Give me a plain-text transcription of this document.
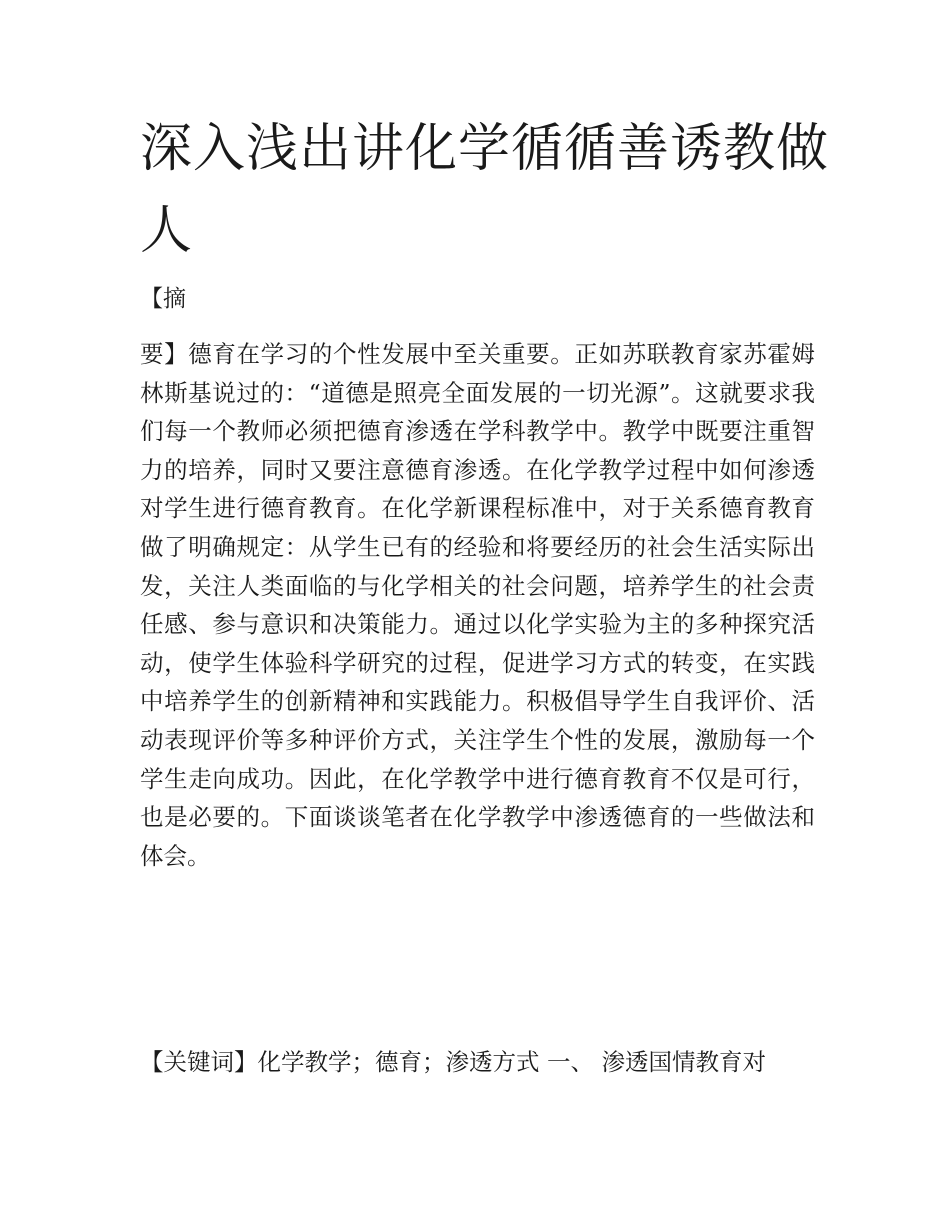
深入浅出讲化学循循善诱教做人
【摘

要】德育在学习的个性发展中至关重要。正如苏联教育家苏霍姆林斯基说过的：“道德是照亮全面发展的一切光源”。这就要求我们每一个教师必须把德育渗透在学科教学中。教学中既要注重智力的培养，同时又要注意德育渗透。在化学教学过程中如何渗透对学生进行德育教育。在化学新课程标准中，对于关系德育教育做了明确规定：从学生已有的经验和将要经历的社会生活实际出发，关注人类面临的与化学相关的社会问题，培养学生的社会责任感、参与意识和决策能力。通过以化学实验为主的多种探究活动，使学生体验科学研究的过程，促进学习方式的转变，在实践中培养学生的创新精神和实践能力。积极倡导学生自我评价、活动表现评价等多种评价方式，关注学生个性的发展，激励每一个学生走向成功。因此，在化学教学中进行德育教育不仅是可行，也是必要的。下面谈谈笔者在化学教学中渗透德育的一些做法和体会。

【关键词】化学教学；德育；渗透方式 一、 渗透国情教育对
